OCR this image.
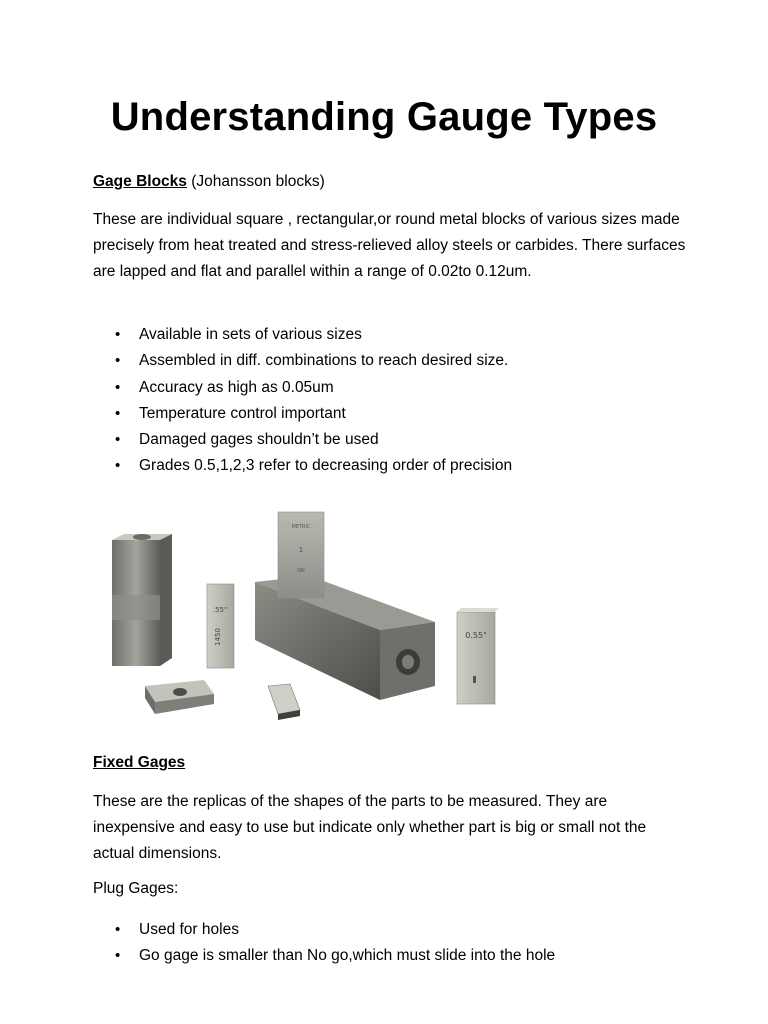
Understanding Gauge Types
Gage Blocks (Johansson blocks)
These are individual square , rectangular,or round metal blocks of various sizes made precisely from heat treated and stress-relieved alloy steels or carbides. There surfaces are lapped and flat and parallel within a range of 0.02to 0.12um.
• Available in sets of various sizes
• Assembled in diff. combinations to reach desired size.
• Accuracy as high as 0.05um
• Temperature control important
• Damaged gages shouldn’t be used
• Grades 0.5,1,2,3 refer to decreasing order of precision
.55"
1450
METRIC
1
DN
0.55"
Fixed Gages
These are the replicas of the shapes of the parts to be measured. They are inexpensive and easy to use but indicate only whether part is big or small not the actual dimensions.
Plug Gages:
• Used for holes
• Go gage is smaller than No go,which must slide into the hole
